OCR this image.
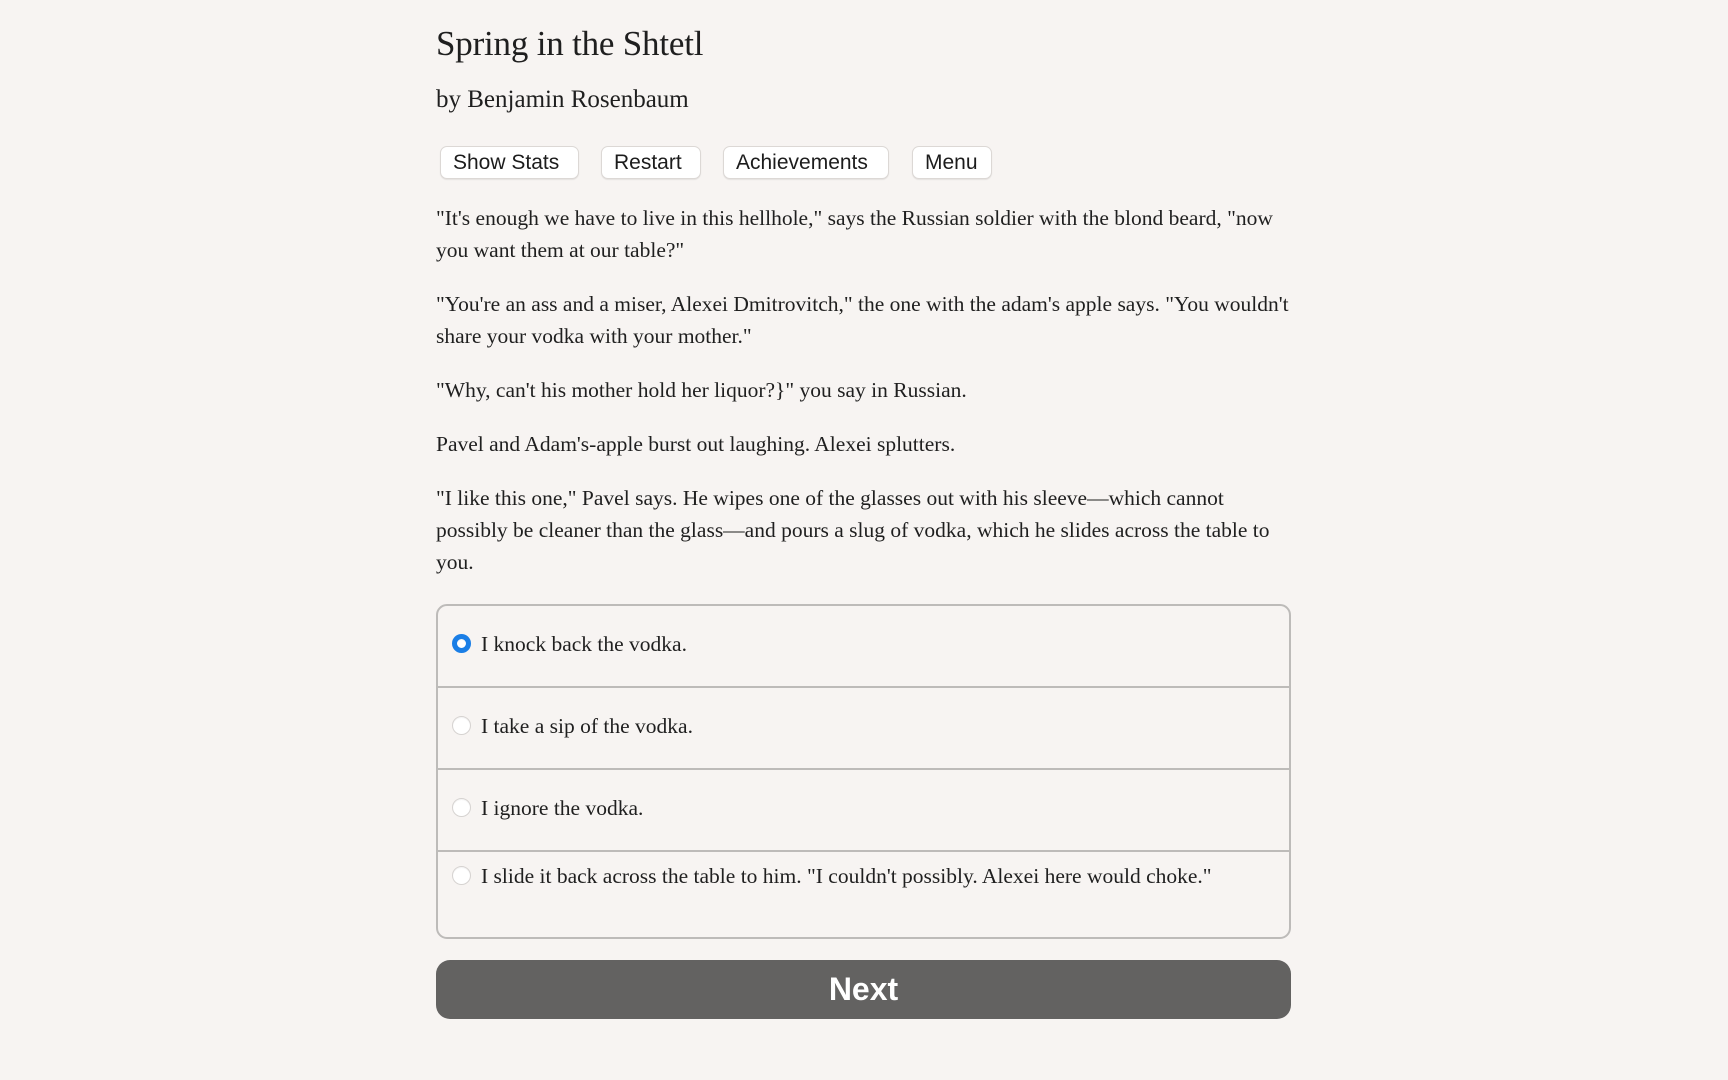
Spring in the Shtetl
by Benjamin Rosenbaum
Show Stats	Restart	Achievements	Menu

"It's enough we have to live in this hellhole," says the Russian soldier with the blond beard, "now you want them at our table?"

"You're an ass and a miser, Alexei Dmitrovitch," the one with the adam's apple says. "You wouldn't share your vodka with your mother."

"Why, can't his mother hold her liquor?}" you say in Russian.

Pavel and Adam's-apple burst out laughing. Alexei splutters.

"I like this one," Pavel says. He wipes one of the glasses out with his sleeve—which cannot possibly be cleaner than the glass—and pours a slug of vodka, which he slides across the table to you.

I knock back the vodka.
I take a sip of the vodka.
I ignore the vodka.
I slide it back across the table to him. "I couldn't possibly. Alexei here would choke."
Next
